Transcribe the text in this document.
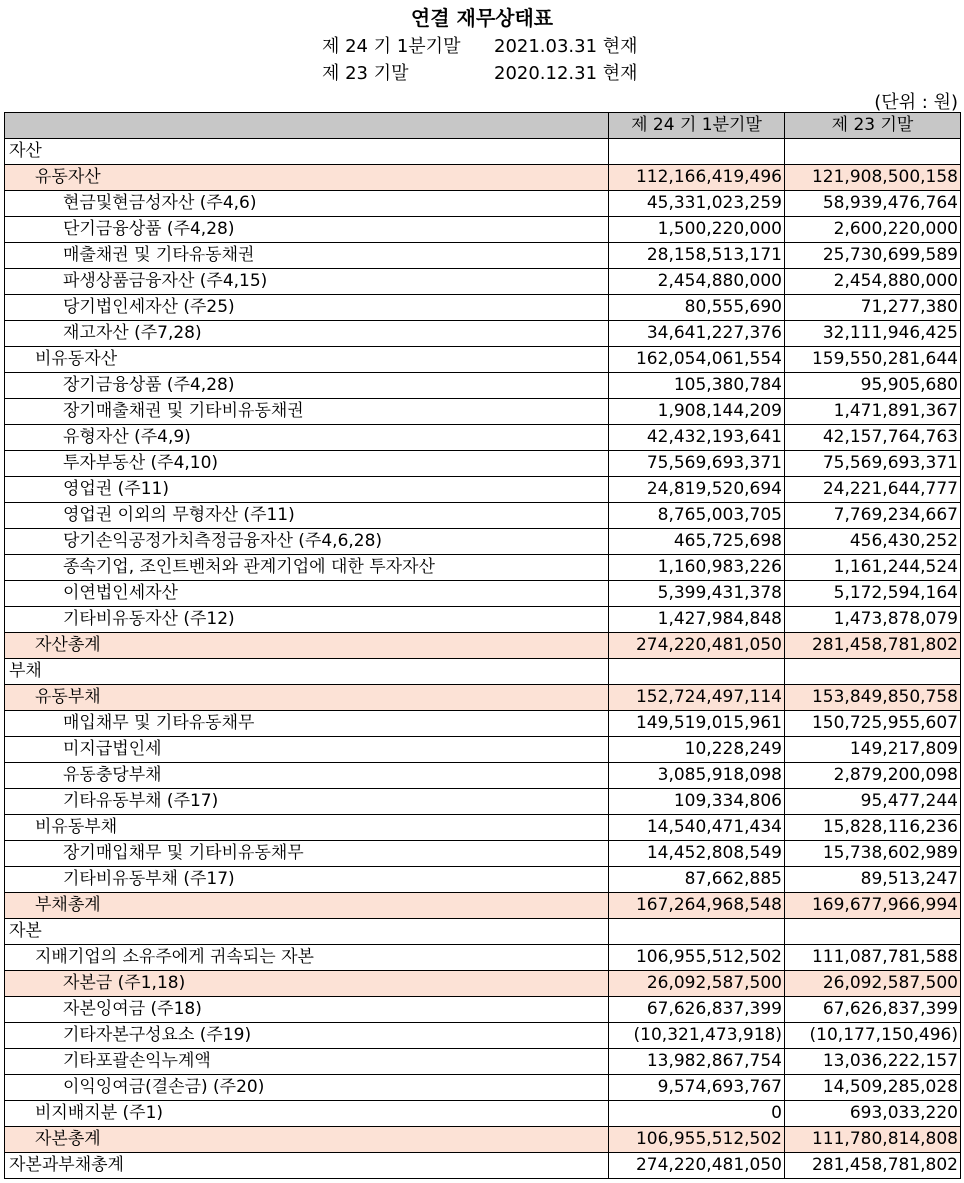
연결 재무상태표
제 24 기 1분기말 2021.03.31 현재
제 23 기말	2020.12.31 현재
(단위 : 원)
	제 24 기 1분기말	제 23 기말
자산		
유동자산	112,166,419,496	121,908,500,158
현금및현금성자산 (주4,6)	45,331,023,259	58,939,476,764
단기금융상품 (주4,28)	1,500,220,000	2,600,220,000
매출채권 및 기타유동채권	28,158,513,171	25,730,699,589
파생상품금융자산 (주4,15)	2,454,880,000	2,454,880,000
당기법인세자산 (주25)	80,555,690	71,277,380
재고자산 (주7,28)	34,641,227,376	32,111,946,425
비유동자산	162,054,061,554	159,550,281,644
장기금융상품 (주4,28)	105,380,784	95,905,680
장기매출채권 및 기타비유동채권	1,908,144,209	1,471,891,367
유형자산 (주4,9)	42,432,193,641	42,157,764,763
투자부동산 (주4,10)	75,569,693,371	75,569,693,371
영업권 (주11)	24,819,520,694	24,221,644,777
영업권 이외의 무형자산 (주11)	8,765,003,705	7,769,234,667
당기손익공정가치측정금융자산 (주4,6,28)	465,725,698	456,430,252
종속기업, 조인트벤처와 관계기업에 대한 투자자산	1,160,983,226	1,161,244,524
이연법인세자산	5,399,431,378	5,172,594,164
기타비유동자산 (주12)	1,427,984,848	1,473,878,079
자산총계	274,220,481,050	281,458,781,802
부채		
유동부채	152,724,497,114	153,849,850,758
매입채무 및 기타유동채무	149,519,015,961	150,725,955,607
미지급법인세	10,228,249	149,217,809
유동충당부채	3,085,918,098	2,879,200,098
기타유동부채 (주17)	109,334,806	95,477,244
비유동부채	14,540,471,434	15,828,116,236
장기매입채무 및 기타비유동채무	14,452,808,549	15,738,602,989
기타비유동부채 (주17)	87,662,885	89,513,247
부채총계	167,264,968,548	169,677,966,994
자본		
지배기업의 소유주에게 귀속되는 자본	106,955,512,502	111,087,781,588
자본금 (주1,18)	26,092,587,500	26,092,587,500
자본잉여금 (주18)	67,626,837,399	67,626,837,399
기타자본구성요소 (주19)	(10,321,473,918)	(10,177,150,496)
기타포괄손익누계액	13,982,867,754	13,036,222,157
이익잉여금(결손금) (주20)	9,574,693,767	14,509,285,028
비지배지분 (주1)	0	693,033,220
자본총계	106,955,512,502	111,780,814,808
자본과부채총계	274,220,481,050	281,458,781,802
